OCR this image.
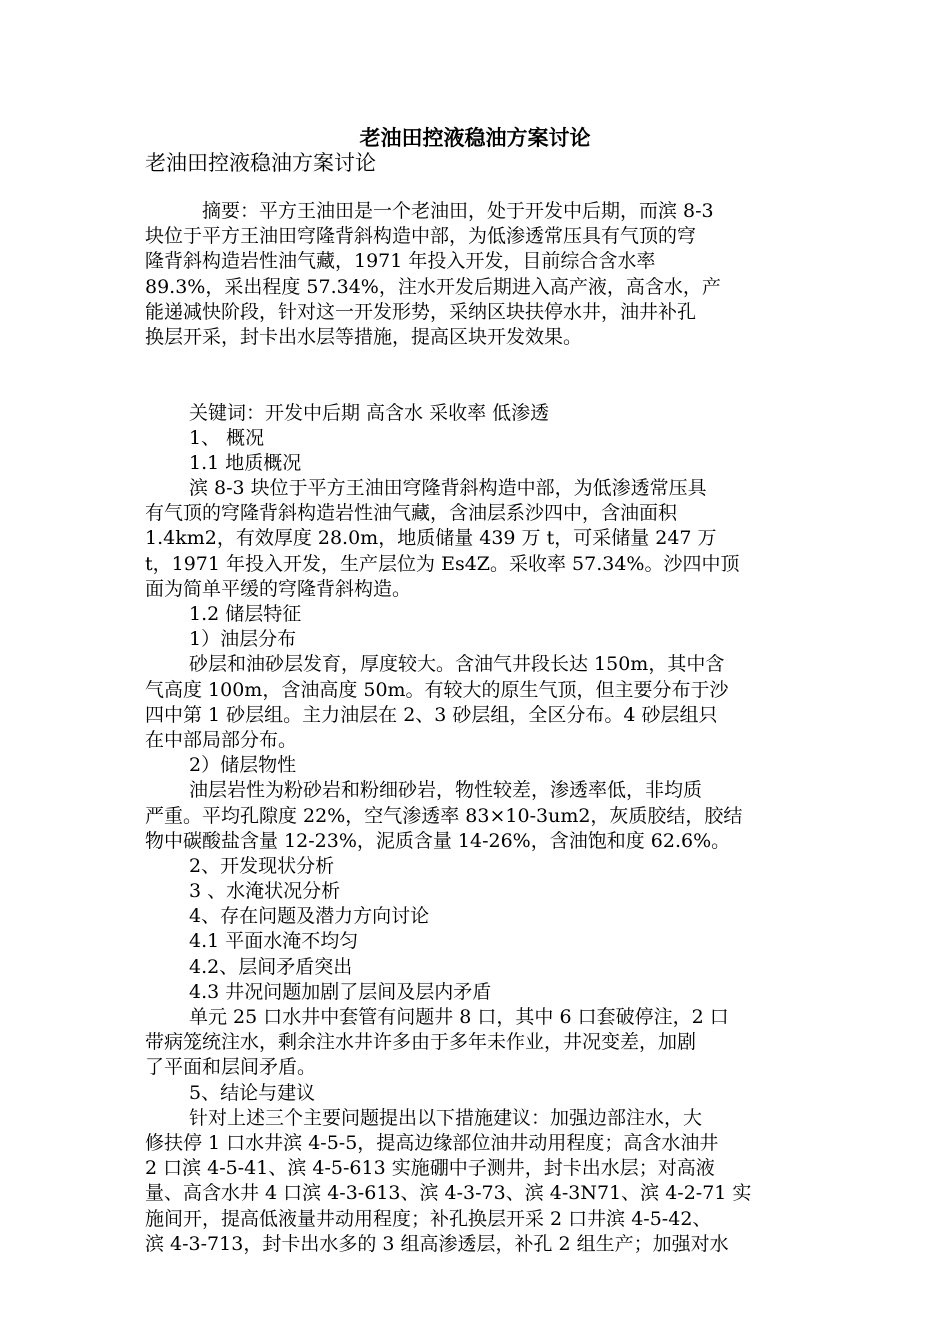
老油田控液稳油方案讨论
老油田控液稳油方案讨论
摘要：平方王油田是一个老油田，处于开发中后期，而滨 8-3
块位于平方王油田穹隆背斜构造中部，为低渗透常压具有气顶的穹
隆背斜构造岩性油气藏，1971 年投入开发，目前综合含水率
89.3%，采出程度 57.34%，注水开发后期进入高产液，高含水，产
能递减快阶段，针对这一开发形势，采纳区块扶停水井，油井补孔
换层开采，封卡出水层等措施，提高区块开发效果。
关键词：开发中后期 高含水 采收率 低渗透
1、 概况
1.1 地质概况
滨 8-3 块位于平方王油田穹隆背斜构造中部，为低渗透常压具
有气顶的穹隆背斜构造岩性油气藏，含油层系沙四中，含油面积
1.4km2，有效厚度 28.0m，地质储量 439 万 t，可采储量 247 万
t，1971 年投入开发，生产层位为 Es4Z。采收率 57.34%。沙四中顶
面为简单平缓的穹隆背斜构造。
1.2 储层特征
1）油层分布
砂层和油砂层发育，厚度较大。含油气井段长达 150m，其中含
气高度 100m，含油高度 50m。有较大的原生气顶，但主要分布于沙
四中第 1 砂层组。主力油层在 2、3 砂层组，全区分布。4 砂层组只
在中部局部分布。
2）储层物性
油层岩性为粉砂岩和粉细砂岩，物性较差，渗透率低，非均质
严重。平均孔隙度 22%，空气渗透率 83×10-3um2，灰质胶结，胶结
物中碳酸盐含量 12-23%，泥质含量 14-26%，含油饱和度 62.6%。
2、开发现状分析
3 、水淹状况分析
4、存在问题及潜力方向讨论
4.1 平面水淹不均匀
4.2、层间矛盾突出
4.3 井况问题加剧了层间及层内矛盾
单元 25 口水井中套管有问题井 8 口，其中 6 口套破停注，2 口
带病笼统注水，剩余注水井许多由于多年未作业，井况变差，加剧
了平面和层间矛盾。
5、结论与建议
针对上述三个主要问题提出以下措施建议：加强边部注水，大
修扶停 1 口水井滨 4-5-5，提高边缘部位油井动用程度；高含水油井
2 口滨 4-5-41、滨 4-5-613 实施硼中子测井，封卡出水层；对高液
量、高含水井 4 口滨 4-3-613、滨 4-3-73、滨 4-3N71、滨 4-2-71 实
施间开，提高低液量井动用程度；补孔换层开采 2 口井滨 4-5-42、
滨 4-3-713，封卡出水多的 3 组高渗透层，补孔 2 组生产；加强对水
